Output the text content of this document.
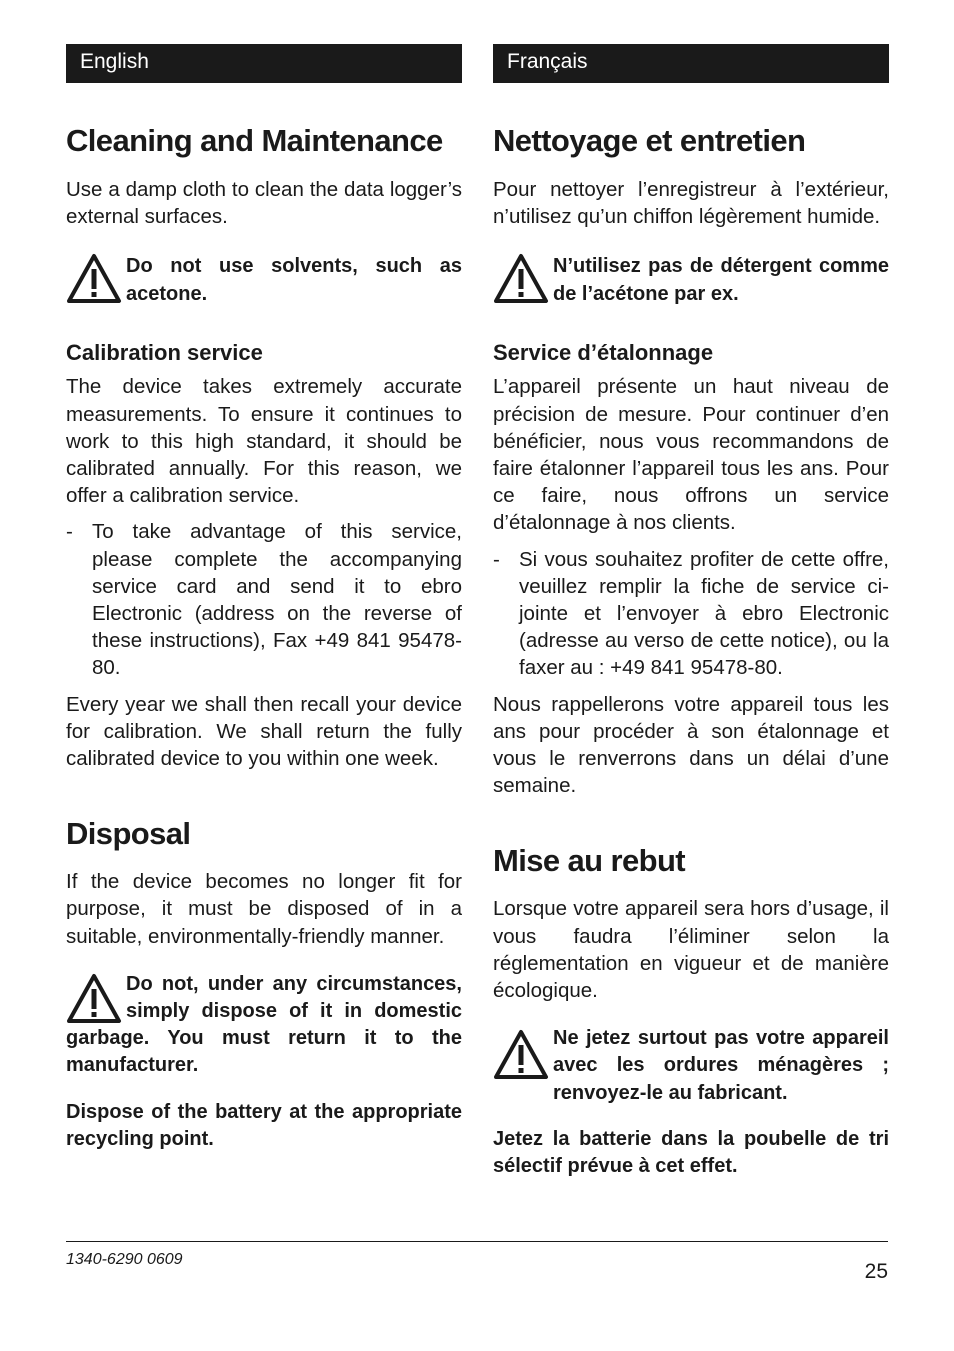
English
Cleaning and Maintenance

Use a damp cloth to clean the data logger’s external surfaces.

Do not use solvents, such as acetone.

Calibration service

The device takes extremely accurate measurements. To ensure it continues to work to this high standard, it should be calibrated annually. For this reason, we offer a calibration service.

- To take advantage of this service, please complete the accompanying service card and send it to ebro Electronic (address on the reverse of these instructions), Fax +49 841 95478-80.

Every year we shall then recall your device for calibration. We shall return the fully calibrated device to you within one week.

Disposal

If the device becomes no longer fit for purpose, it must be disposed of in a suitable, environmentally-friendly manner.

Do not, under any circumstances, simply dispose of it in domestic garbage. You must return it to the manufacturer.

Dispose of the battery at the appropriate recycling point.

Français
Nettoyage et entretien

Pour nettoyer l’enregistreur à l’extérieur, n’utilisez qu’un chiffon légèrement humide.

N’utilisez pas de détergent comme de l’acétone par ex.

Service d’étalonnage

L’appareil présente un haut niveau de précision de mesure. Pour continuer d’en bénéficier, nous vous recommandons de faire étalonner l’appareil tous les ans. Pour ce faire, nous offrons un service d’étalonnage à nos clients.

- Si vous souhaitez profiter de cette offre, veuillez remplir la fiche de service ci-jointe et l’envoyer à ebro Electronic (adresse au verso de cette notice), ou la faxer au : +49 841 95478-80.

Nous rappellerons votre appareil tous les ans pour procéder à son étalonnage et vous le renverrons dans un délai d’une semaine.

Mise au rebut

Lorsque votre appareil sera hors d’usage, il vous faudra l’éliminer selon la réglementation en vigueur et de manière écologique.

Ne jetez surtout pas votre appareil avec les ordures ménagères ; renvoyez-le au fabricant.

Jetez la batterie dans la poubelle de tri sélectif prévue à cet effet.

1340-6290 0609
25
